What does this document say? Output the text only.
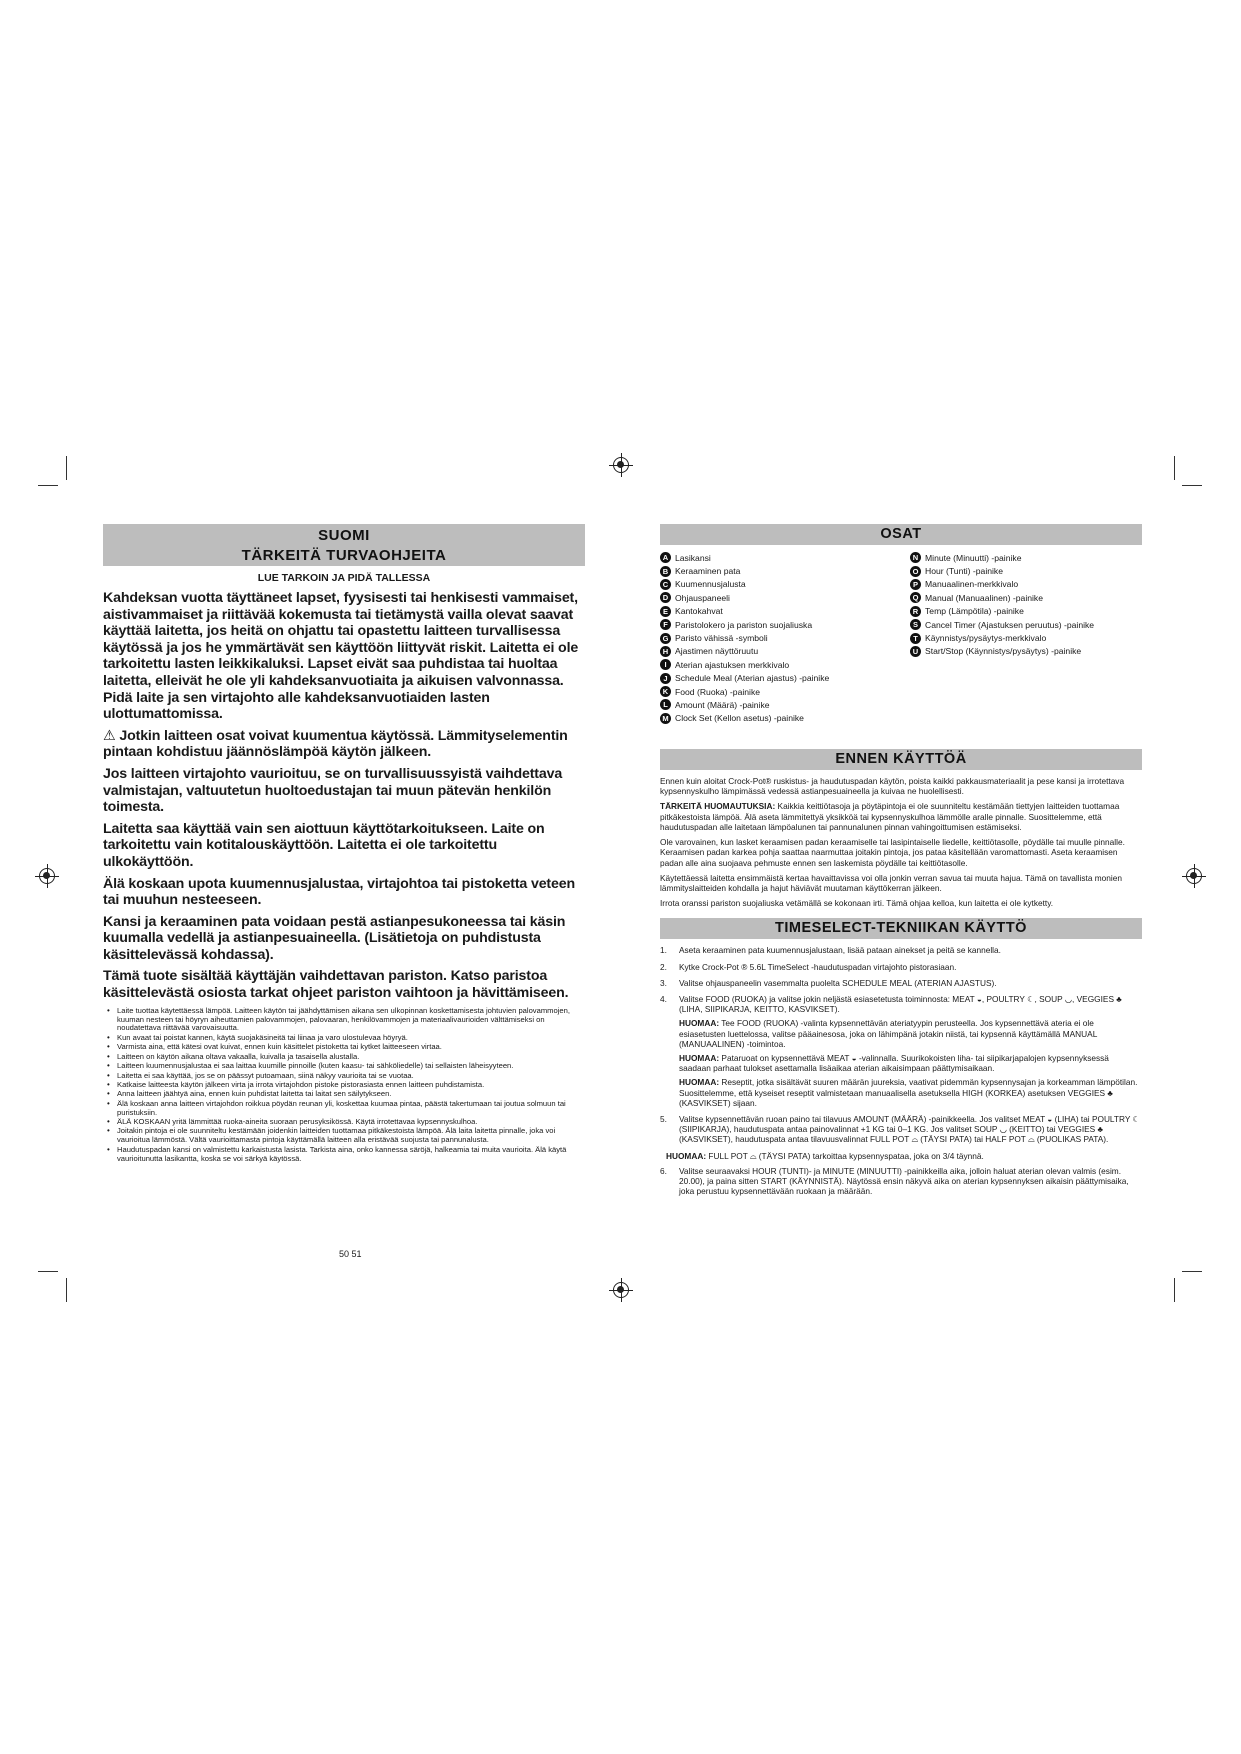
SUOMI
TÄRKEITÄ TURVAOHJEITA
LUE TARKOIN JA PIDÄ TALLESSA

Kahdeksan vuotta täyttäneet lapset, fyysisesti tai henkisesti vammaiset, aistivammaiset ja riittävää kokemusta tai tietämystä vailla olevat saavat käyttää laitetta, jos heitä on ohjattu tai opastettu laitteen turvallisessa käytössä ja jos he ymmärtävät sen käyttöön liittyvät riskit. Laitetta ei ole tarkoitettu lasten leikkikaluksi. Lapset eivät saa puhdistaa tai huoltaa laitetta, elleivät he ole yli kahdeksanvuotiaita ja aikuisen valvonnassa. Pidä laite ja sen virtajohto alle kahdeksanvuotiaiden lasten ulottumattomissa.

⚠ Jotkin laitteen osat voivat kuumentua käytössä. Lämmityselementin pintaan kohdistuu jäännöslämpöä käytön jälkeen.

Jos laitteen virtajohto vaurioituu, se on turvallisuussyistä vaihdettava valmistajan, valtuutetun huoltoedustajan tai muun pätevän henkilön toimesta.

Laitetta saa käyttää vain sen aiottuun käyttötarkoitukseen. Laite on tarkoitettu vain kotitalouskäyttöön. Laitetta ei ole tarkoitettu ulkokäyttöön.

Älä koskaan upota kuumennusjalustaa, virtajohtoa tai pistoketta veteen tai muuhun nesteeseen.

Kansi ja keraaminen pata voidaan pestä astianpesukoneessa tai käsin kuumalla vedellä ja astianpesuaineella. (Lisätietoja on puhdistusta käsittelevässä kohdassa).

Tämä tuote sisältää käyttäjän vaihdettavan pariston. Katso paristoa käsittelevästä osiosta tarkat ohjeet pariston vaihtoon ja hävittämiseen.

• Laite tuottaa käytettäessä lämpöä. Laitteen käytön tai jäähdyttämisen aikana sen ulkopinnan koskettamisesta johtuvien palovammojen, kuuman nesteen tai höyryn aiheuttamien palovammojen, palovaaran, henkilövammojen ja materiaalivaurioiden välttämiseksi on noudatettava riittävää varovaisuutta.
• Kun avaat tai poistat kannen, käytä suojakäsineitä tai liinaa ja varo ulostulevaa höyryä.
• Varmista aina, että kätesi ovat kuivat, ennen kuin käsittelet pistoketta tai kytket laitteeseen virtaa.
• Laitteen on käytön aikana oltava vakaalla, kuivalla ja tasaisella alustalla.
• Laitteen kuumennusjalustaa ei saa laittaa kuumille pinnoille (kuten kaasu- tai sähköliedelle) tai sellaisten läheisyyteen.
• Laitetta ei saa käyttää, jos se on päässyt putoamaan, siinä näkyy vaurioita tai se vuotaa.
• Katkaise laitteesta käytön jälkeen virta ja irrota virtajohdon pistoke pistorasiasta ennen laitteen puhdistamista.
• Anna laitteen jäähtyä aina, ennen kuin puhdistat laitetta tai laitat sen säilytykseen.
• Älä koskaan anna laitteen virtajohdon roikkua pöydän reunan yli, koskettaa kuumaa pintaa, päästä takertumaan tai joutua solmuun tai puristuksiin.
• ÄLÄ KOSKAAN yritä lämmittää ruoka-aineita suoraan perusyksikössä. Käytä irrotettavaa kypsennyskulhoa.
• Joitakin pintoja ei ole suunniteltu kestämään joidenkin laitteiden tuottamaa pitkäkestoista lämpöä. Älä laita laitetta pinnalle, joka voi vaurioitua lämmöstä. Vältä vaurioittamasta pintoja käyttämällä laitteen alla eristävää suojusta tai pannunalusta.
• Haudutuspadan kansi on valmistettu karkaistusta lasista. Tarkista aina, onko kannessa säröjä, halkeamia tai muita vaurioita. Älä käytä vaurioitunutta lasikantta, koska se voi särkyä käytössä.
50 51
OSAT
A Lasikansi
B Keraaminen pata
C Kuumennusjalusta
D Ohjauspaneeli
E Kantokahvat
F Paristolokero ja pariston suojaliuska
G Paristo vähissä -symboli
H Ajastimen näyttöruutu
I Aterian ajastuksen merkkivalo
J Schedule Meal (Aterian ajastus) -painike
K Food (Ruoka) -painike
L Amount (Määrä) -painike
M Clock Set (Kellon asetus) -painike
N Minute (Minuutti) -painike
O Hour (Tunti) -painike
P Manuaalinen-merkkivalo
Q Manual (Manuaalinen) -painike
R Temp (Lämpötila) -painike
S Cancel Timer (Ajastuksen peruutus) -painike
T Käynnistys/pysäytys-merkkivalo
U Start/Stop (Käynnistys/pysäytys) -painike
ENNEN KÄYTTÖÄ

Ennen kuin aloitat Crock-Pot® ruskistus- ja haudutuspadan käytön, poista kaikki pakkausmateriaalit ja pese kansi ja irrotettava kypsennyskulho lämpimässä vedessä astianpesuaineella ja kuivaa ne huolellisesti.

TÄRKEITÄ HUOMAUTUKSIA: Kaikkia keittiötasoja ja pöytäpintoja ei ole suunniteltu kestämään tiettyjen laitteiden tuottamaa pitkäkestoista lämpöä. Älä aseta lämmitettyä yksikköä tai kypsennyskulhoa lämmölle aralle pinnalle. Suosittelemme, että haudutuspadan alle laitetaan lämpöalunen tai pannunalunen pinnan vahingoittumisen estämiseksi.

Ole varovainen, kun lasket keraamisen padan keraamiselle tai lasipintaiselle liedelle, keittiötasolle, pöydälle tai muulle pinnalle. Keraamisen padan karkea pohja saattaa naarmuttaa joitakin pintoja, jos pataa käsitellään varomattomasti. Aseta keraamisen padan alle aina suojaava pehmuste ennen sen laskemista pöydälle tai keittiötasolle.

Käytettäessä laitetta ensimmäistä kertaa havaittavissa voi olla jonkin verran savua tai muuta hajua. Tämä on tavallista monien lämmityslaitteiden kohdalla ja hajut häviävät muutaman käyttökerran jälkeen.

Irrota oranssi pariston suojaliuska vetämällä se kokonaan irti. Tämä ohjaa kelloa, kun laitetta ei ole kytketty.

TIMESELECT-TEKNIIKAN KÄYTTÖ
1. Aseta keraaminen pata kuumennusjalustaan, lisää pataan ainekset ja peitä se kannella.
2. Kytke Crock-Pot ® 5.6L TimeSelect -haudutuspadan virtajohto pistorasiaan.
3. Valitse ohjauspaneelin vasemmalta puolelta SCHEDULE MEAL (ATERIAN AJASTUS).
4. Valitse FOOD (RUOKA) ja valitse jokin neljästä esiasetetusta toiminnosta: MEAT ◒, POULTRY ☾, SOUP ◡, VEGGIES ♣ (LIHA, SIIPIKARJA, KEITTO, KASVIKSET).

HUOMAA: Tee FOOD (RUOKA) -valinta kypsennettävän ateriatyypin perusteella. Jos kypsennettävä ateria ei ole esiasetusten luettelossa, valitse pääainesosa, joka on lähimpänä jotakin niistä, tai kypsennä käyttämällä MANUAL (MANUAALINEN) -toimintoa.

HUOMAA: Pataruoat on kypsennettävä MEAT ◒ -valinnalla. Suurikokoisten liha- tai siipikarjapalojen kypsennyksessä saadaan parhaat tulokset asettamalla lisäaikaa aterian aikaisimpaan päättymisaikaan.

HUOMAA: Reseptit, jotka sisältävät suuren määrän juureksia, vaativat pidemmän kypsennysajan ja korkeamman lämpötilan. Suosittelemme, että kyseiset reseptit valmistetaan manuaalisella asetuksella HIGH (KORKEA) asetuksen VEGGIES ♣ (KASVIKSET) sijaan.

5. Valitse kypsennettävän ruoan paino tai tilavuus AMOUNT (MÄÄRÄ) -painikkeella. Jos valitset MEAT ◒ (LIHA) tai POULTRY ☾ (SIIPIKARJA), haudutuspata antaa painovalinnat +1 KG tai 0–1 KG. Jos valitset SOUP ◡ (KEITTO) tai VEGGIES ♣ (KASVIKSET), haudutuspata antaa tilavuusvalinnat FULL POT ⌓ (TÄYSI PATA) tai HALF POT ⌓ (PUOLIKAS PATA).

HUOMAA: FULL POT ⌓ (TÄYSI PATA) tarkoittaa kypsennyspataa, joka on 3/4 täynnä.

6. Valitse seuraavaksi HOUR (TUNTI)- ja MINUTE (MINUUTTI) -painikkeilla aika, jolloin haluat aterian olevan valmis (esim. 20.00), ja paina sitten START (KÄYNNISTÄ). Näytössä ensin näkyvä aika on aterian kypsennyksen aikaisin päättymisaika, joka perustuu kypsennettävään ruokaan ja määrään.
